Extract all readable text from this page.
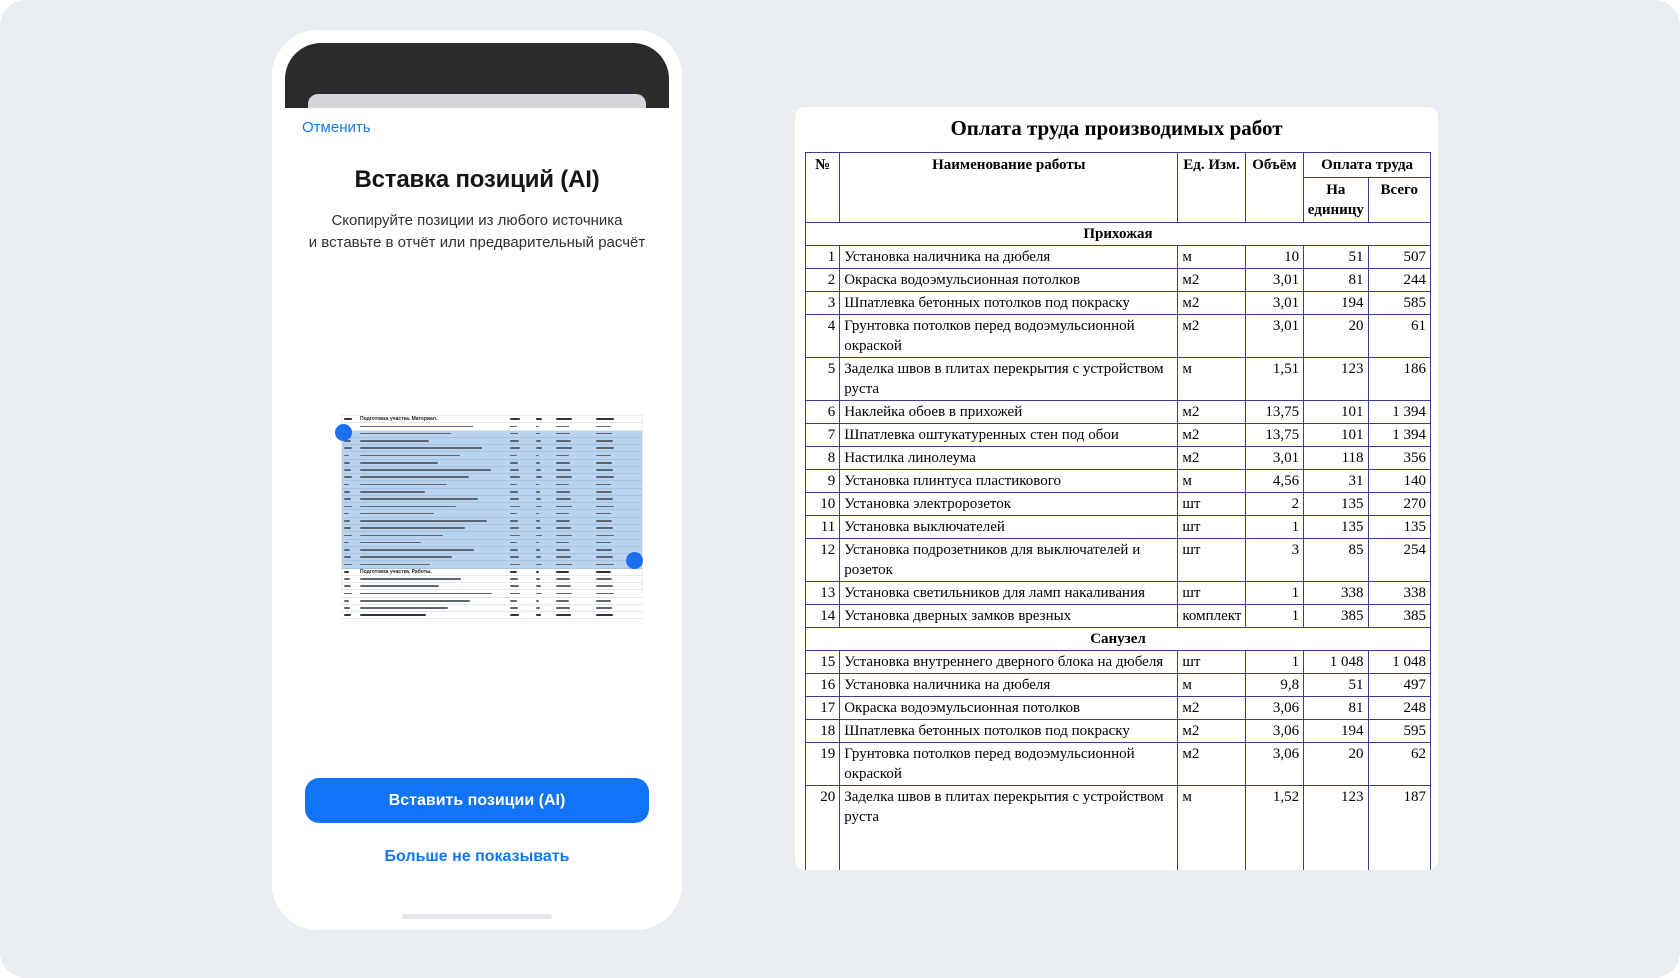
Отменить
Вставка позиций (AI)
Скопируйте позиции из любого источника
и вставьте в отчёт или предварительный расчёт
Подготовка участка. Материал.
Подготовка участка. Работы.
Вставить позиции (AI)
Больше не показывать
Оплата труда производимых работ
№	Наименование работы	Ед. Изм.	Объём	Оплата труда	
				На единицу	Всего
Прихожая					
1	Установка наличника на дюбеля	м	10	51	507
2	Окраска водоэмульсионная потолков	м2	3,01	81	244
3	Шпатлевка бетонных потолков под покраску	м2	3,01	194	585
4	Грунтовка потолков перед водоэмульсионной окраской	м2	3,01	20	61
5	Заделка швов в плитах перекрытия с устройством руста	м	1,51	123	186
6	Наклейка обоев в прихожей	м2	13,75	101	1 394
7	Шпатлевка оштукатуренных стен под обои	м2	13,75	101	1 394
8	Настилка линолеума	м2	3,01	118	356
9	Установка плинтуса пластикового	м	4,56	31	140
10	Установка электророзеток	шт	2	135	270
11	Установка выключателей	шт	1	135	135
12	Установка подрозетников для выключателей и розеток	шт	3	85	254
13	Установка светильников для ламп накаливания	шт	1	338	338
14	Установка дверных замков врезных	комплект	1	385	385
Санузел					
15	Установка внутреннего дверного блока на дюбеля	шт	1	1 048	1 048
16	Установка наличника на дюбеля	м	9,8	51	497
17	Окраска водоэмульсионная потолков	м2	3,06	81	248
18	Шпатлевка бетонных потолков под покраску	м2	3,06	194	595
19	Грунтовка потолков перед водоэмульсионной окраской	м2	3,06	20	62
20	Заделка швов в плитах перекрытия с устройством руста	м	1,52	123	187
